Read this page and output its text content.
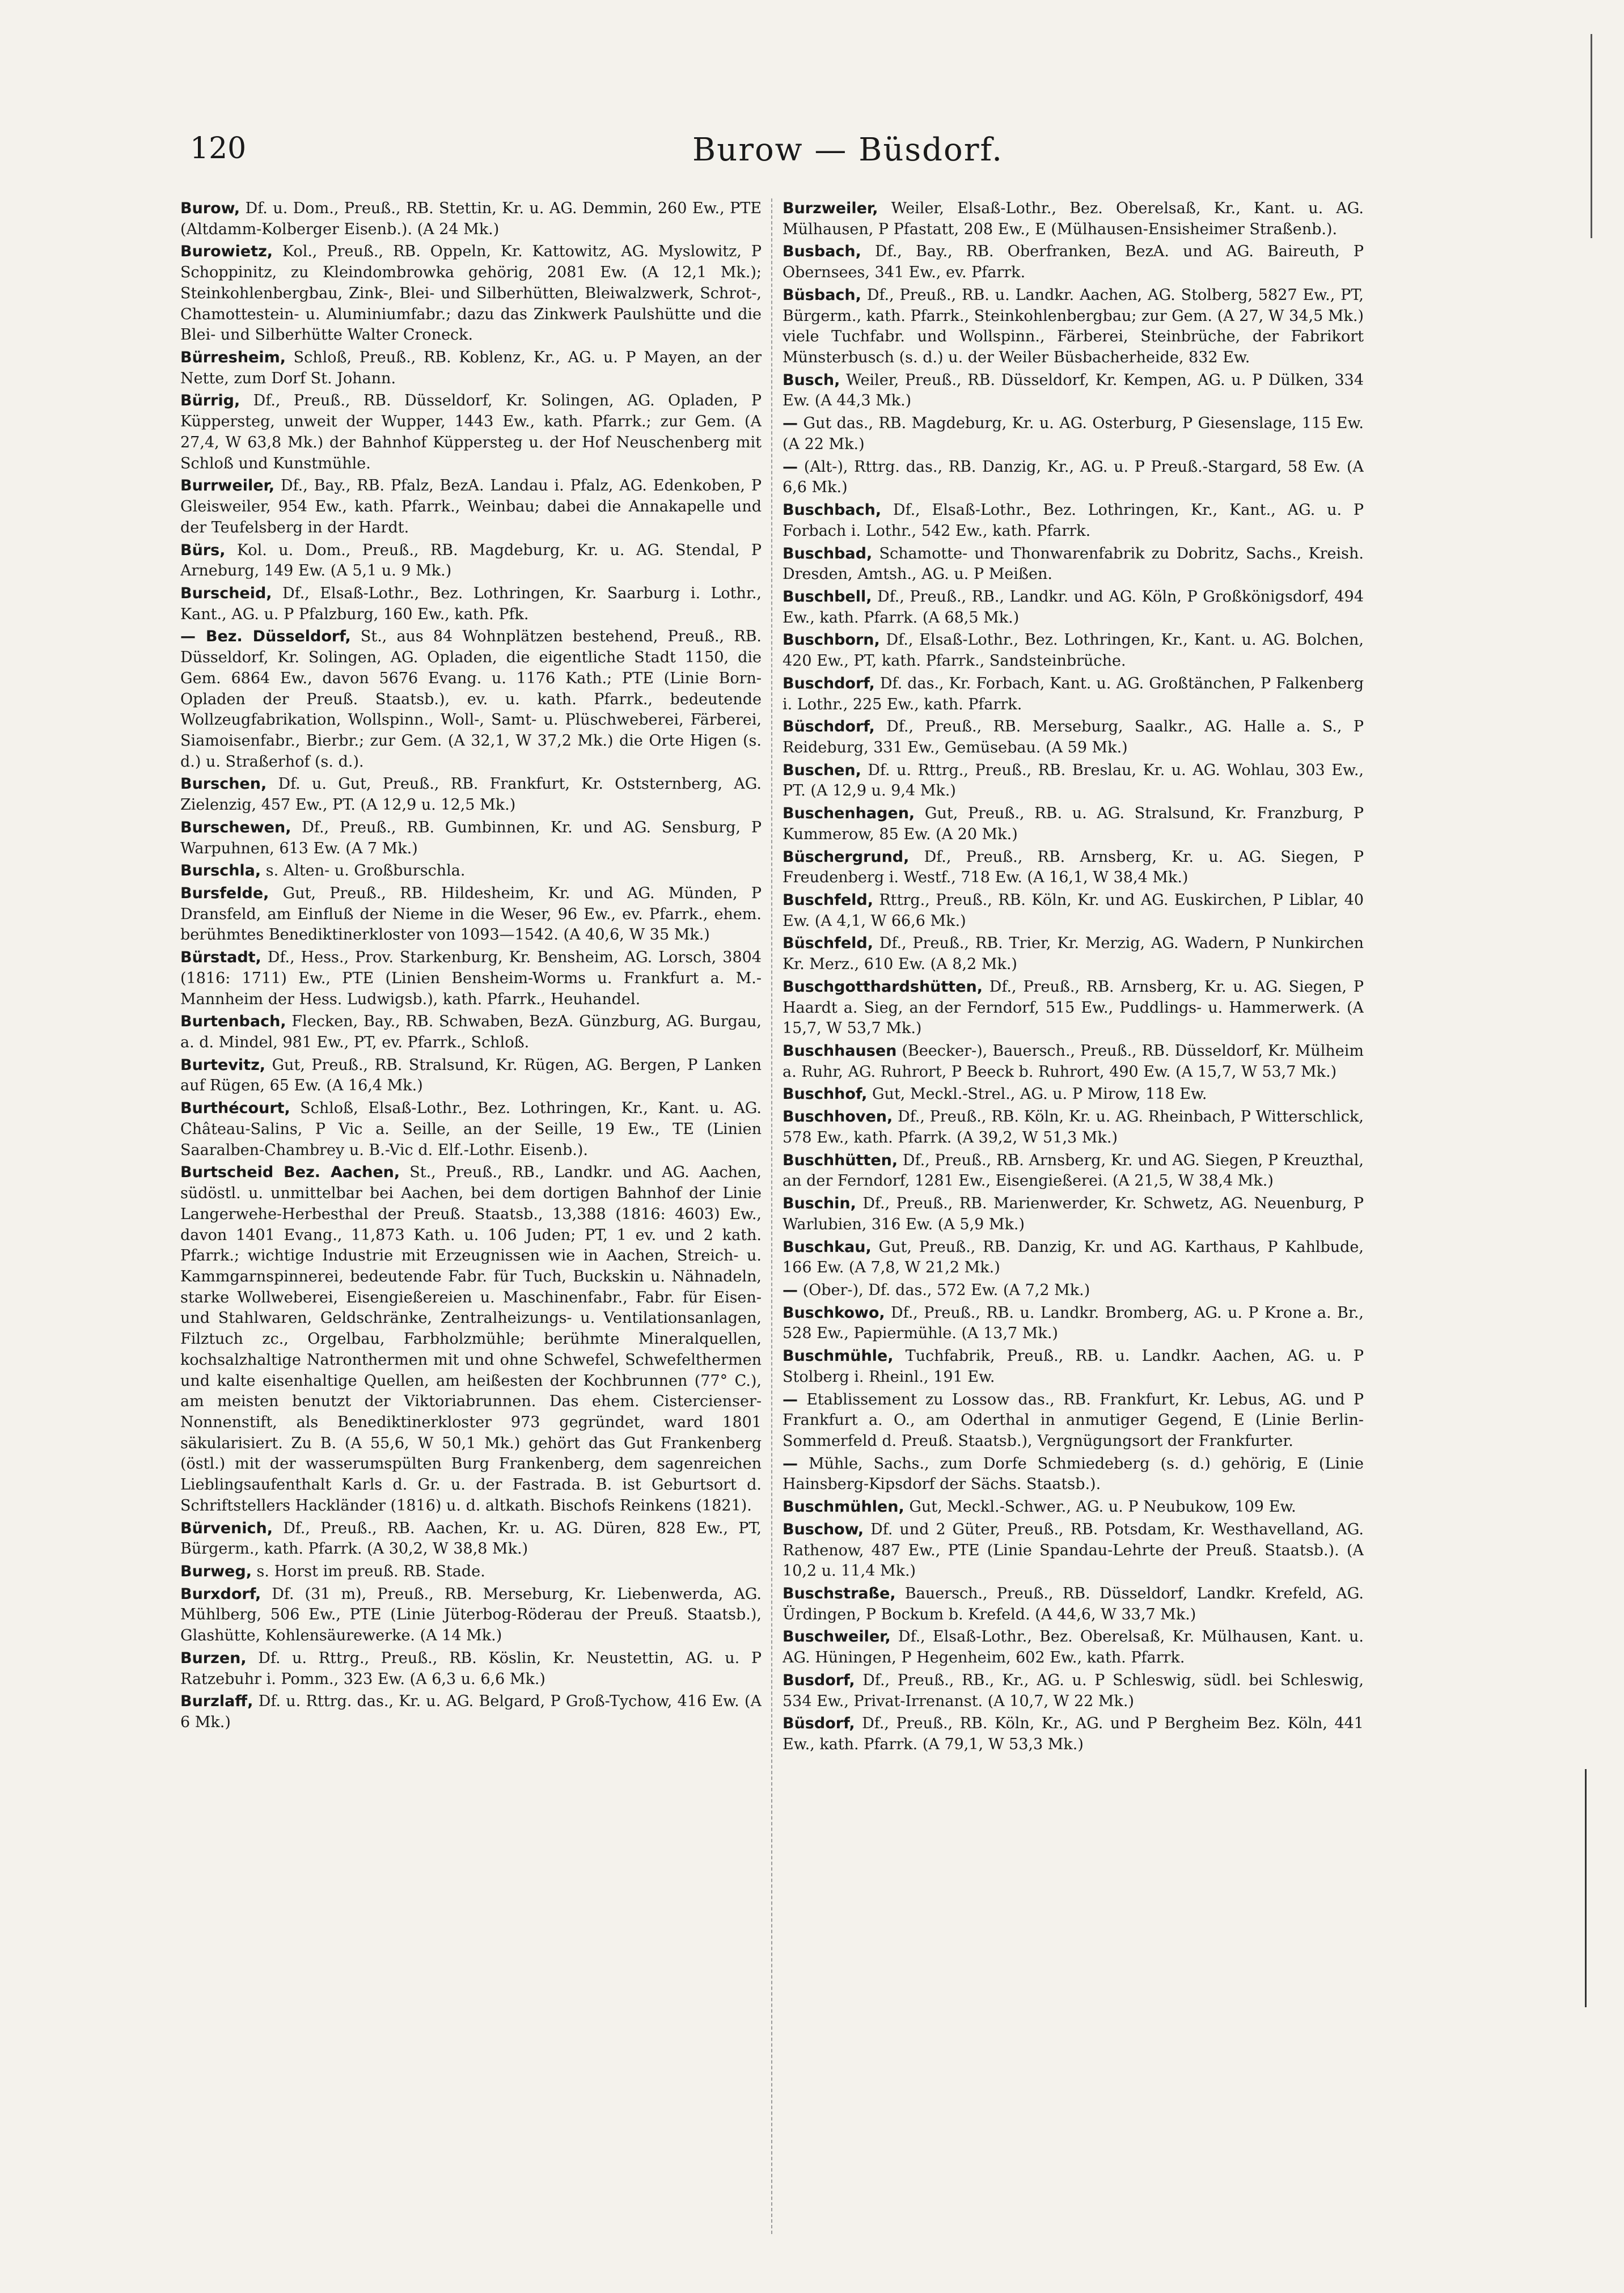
120	Burow — Büsdorf.

Burow, Df. u. Dom., Preuß., RB. Stettin, Kr. u. AG. Demmin, 260 Ew., PTE (Altdamm-Kolberger Eisenb.). (A 24 Mk.)

Burowietz, Kol., Preuß., RB. Oppeln, Kr. Kattowitz, AG. Myslowitz, P Schoppinitz, zu Kleindombrowka gehörig, 2081 Ew. (A 12,1 Mk.); Steinkohlenbergbau, Zink-, Blei- und Silberhütten, Bleiwalzwerk, Schrot-, Chamottestein- u. Aluminiumfabr.; dazu das Zinkwerk Paulshütte und die Blei- und Silberhütte Walter Croneck.

Bürresheim, Schloß, Preuß., RB. Koblenz, Kr., AG. u. P Mayen, an der Nette, zum Dorf St. Johann.

Bürrig, Df., Preuß., RB. Düsseldorf, Kr. Solingen, AG. Opladen, P Küppersteg, unweit der Wupper, 1443 Ew., kath. Pfarrk.; zur Gem. (A 27,4, W 63,8 Mk.) der Bahnhof Küppersteg u. der Hof Neuschenberg mit Schloß und Kunstmühle.

Burrweiler, Df., Bay., RB. Pfalz, BezA. Landau i. Pfalz, AG. Edenkoben, P Gleisweiler, 954 Ew., kath. Pfarrk., Weinbau; dabei die Annakapelle und der Teufelsberg in der Hardt.

Bürs, Kol. u. Dom., Preuß., RB. Magdeburg, Kr. u. AG. Stendal, P Arneburg, 149 Ew. (A 5,1 u. 9 Mk.)

Burscheid, Df., Elsaß-Lothr., Bez. Lothringen, Kr. Saarburg i. Lothr., Kant., AG. u. P Pfalzburg, 160 Ew., kath. Pfk.

— Bez. Düsseldorf, St., aus 84 Wohnplätzen bestehend, Preuß., RB. Düsseldorf, Kr. Solingen, AG. Opladen, die eigentliche Stadt 1150, die Gem. 6864 Ew., davon 5676 Evang. u. 1176 Kath.; PTE (Linie Born-Opladen der Preuß. Staatsb.), ev. u. kath. Pfarrk., bedeutende Wollzeugfabrikation, Wollspinn., Woll-, Samt- u. Plüschweberei, Färberei, Siamoisenfabr., Bierbr.; zur Gem. (A 32,1, W 37,2 Mk.) die Orte Higen (s. d.) u. Straßerhof (s. d.).

Burschen, Df. u. Gut, Preuß., RB. Frankfurt, Kr. Oststernberg, AG. Zielenzig, 457 Ew., PT. (A 12,9 u. 12,5 Mk.)

Burschewen, Df., Preuß., RB. Gumbinnen, Kr. und AG. Sensburg, P Warpuhnen, 613 Ew. (A 7 Mk.)

Burschla, s. Alten- u. Großburschla.

Bursfelde, Gut, Preuß., RB. Hildesheim, Kr. und AG. Münden, P Dransfeld, am Einfluß der Nieme in die Weser, 96 Ew., ev. Pfarrk., ehem. berühmtes Benediktinerkloster von 1093—1542. (A 40,6, W 35 Mk.)

Bürstadt, Df., Hess., Prov. Starkenburg, Kr. Bensheim, AG. Lorsch, 3804 (1816: 1711) Ew., PTE (Linien Bensheim-Worms u. Frankfurt a. M.-Mannheim der Hess. Ludwigsb.), kath. Pfarrk., Heuhandel.

Burtenbach, Flecken, Bay., RB. Schwaben, BezA. Günzburg, AG. Burgau, a. d. Mindel, 981 Ew., PT, ev. Pfarrk., Schloß.

Burtevitz, Gut, Preuß., RB. Stralsund, Kr. Rügen, AG. Bergen, P Lanken auf Rügen, 65 Ew. (A 16,4 Mk.)

Burthécourt, Schloß, Elsaß-Lothr., Bez. Lothringen, Kr., Kant. u. AG. Château-Salins, P Vic a. Seille, an der Seille, 19 Ew., TE (Linien Saaralben-Chambrey u. B.-Vic d. Elf.-Lothr. Eisenb.).

Burtscheid Bez. Aachen, St., Preuß., RB., Landkr. und AG. Aachen, südöstl. u. unmittelbar bei Aachen, bei dem dortigen Bahnhof der Linie Langerwehe-Herbesthal der Preuß. Staatsb., 13,388 (1816: 4603) Ew., davon 1401 Evang., 11,873 Kath. u. 106 Juden; PT, 1 ev. und 2 kath. Pfarrk.; wichtige Industrie mit Erzeugnissen wie in Aachen, Streich- u. Kammgarnspinnerei, bedeutende Fabr. für Tuch, Buckskin u. Nähnadeln, starke Wollweberei, Eisengießereien u. Maschinenfabr., Fabr. für Eisen- und Stahlwaren, Geldschränke, Zentralheizungs- u. Ventilationsanlagen, Filztuch zc., Orgelbau, Farbholzmühle; berühmte Mineralquellen, kochsalzhaltige Natronthermen mit und ohne Schwefel, Schwefelthermen und kalte eisenhaltige Quellen, am heißesten der Kochbrunnen (77° C.), am meisten benutzt der Viktoriabrunnen. Das ehem. Cistercienser-Nonnenstift, als Benediktinerkloster 973 gegründet, ward 1801 säkularisiert. Zu B. (A 55,6, W 50,1 Mk.) gehört das Gut Frankenberg (östl.) mit der wasserumspülten Burg Frankenberg, dem sagenreichen Lieblingsaufenthalt Karls d. Gr. u. der Fastrada. B. ist Geburtsort d. Schriftstellers Hackländer (1816) u. d. altkath. Bischofs Reinkens (1821).

Bürvenich, Df., Preuß., RB. Aachen, Kr. u. AG. Düren, 828 Ew., PT, Bürgerm., kath. Pfarrk. (A 30,2, W 38,8 Mk.)

Burweg, s. Horst im preuß. RB. Stade.

Burxdorf, Df. (31 m), Preuß., RB. Merseburg, Kr. Liebenwerda, AG. Mühlberg, 506 Ew., PTE (Linie Jüterbog-Röderau der Preuß. Staatsb.), Glashütte, Kohlensäurewerke. (A 14 Mk.)

Burzen, Df. u. Rttrg., Preuß., RB. Köslin, Kr. Neustettin, AG. u. P Ratzebuhr i. Pomm., 323 Ew. (A 6,3 u. 6,6 Mk.)

Burzlaff, Df. u. Rttrg. das., Kr. u. AG. Belgard, P Groß-Tychow, 416 Ew. (A 6 Mk.)

Burzweiler, Weiler, Elsaß-Lothr., Bez. Oberelsaß, Kr., Kant. u. AG. Mülhausen, P Pfastatt, 208 Ew., E (Mülhausen-Ensisheimer Straßenb.).

Busbach, Df., Bay., RB. Oberfranken, BezA. und AG. Baireuth, P Obernsees, 341 Ew., ev. Pfarrk.

Büsbach, Df., Preuß., RB. u. Landkr. Aachen, AG. Stolberg, 5827 Ew., PT, Bürgerm., kath. Pfarrk., Steinkohlenbergbau; zur Gem. (A 27, W 34,5 Mk.) viele Tuchfabr. und Wollspinn., Färberei, Steinbrüche, der Fabrikort Münsterbusch (s. d.) u. der Weiler Büsbacherheide, 832 Ew.

Busch, Weiler, Preuß., RB. Düsseldorf, Kr. Kempen, AG. u. P Dülken, 334 Ew. (A 44,3 Mk.)

— Gut das., RB. Magdeburg, Kr. u. AG. Osterburg, P Giesenslage, 115 Ew. (A 22 Mk.)

— (Alt-), Rttrg. das., RB. Danzig, Kr., AG. u. P Preuß.-Stargard, 58 Ew. (A 6,6 Mk.)

Buschbach, Df., Elsaß-Lothr., Bez. Lothringen, Kr., Kant., AG. u. P Forbach i. Lothr., 542 Ew., kath. Pfarrk.

Buschbad, Schamotte- und Thonwarenfabrik zu Dobritz, Sachs., Kreish. Dresden, Amtsh., AG. u. P Meißen.

Buschbell, Df., Preuß., RB., Landkr. und AG. Köln, P Großkönigsdorf, 494 Ew., kath. Pfarrk. (A 68,5 Mk.)

Buschborn, Df., Elsaß-Lothr., Bez. Lothringen, Kr., Kant. u. AG. Bolchen, 420 Ew., PT, kath. Pfarrk., Sandsteinbrüche.

Buschdorf, Df. das., Kr. Forbach, Kant. u. AG. Großtänchen, P Falkenberg i. Lothr., 225 Ew., kath. Pfarrk.

Büschdorf, Df., Preuß., RB. Merseburg, Saalkr., AG. Halle a. S., P Reideburg, 331 Ew., Gemüsebau. (A 59 Mk.)

Buschen, Df. u. Rttrg., Preuß., RB. Breslau, Kr. u. AG. Wohlau, 303 Ew., PT. (A 12,9 u. 9,4 Mk.)

Buschenhagen, Gut, Preuß., RB. u. AG. Stralsund, Kr. Franzburg, P Kummerow, 85 Ew. (A 20 Mk.)

Büschergrund, Df., Preuß., RB. Arnsberg, Kr. u. AG. Siegen, P Freudenberg i. Westf., 718 Ew. (A 16,1, W 38,4 Mk.)

Buschfeld, Rttrg., Preuß., RB. Köln, Kr. und AG. Euskirchen, P Liblar, 40 Ew. (A 4,1, W 66,6 Mk.)

Büschfeld, Df., Preuß., RB. Trier, Kr. Merzig, AG. Wadern, P Nunkirchen Kr. Merz., 610 Ew. (A 8,2 Mk.)

Buschgotthardshütten, Df., Preuß., RB. Arnsberg, Kr. u. AG. Siegen, P Haardt a. Sieg, an der Ferndorf, 515 Ew., Puddlings- u. Hammerwerk. (A 15,7, W 53,7 Mk.)

Buschhausen (Beecker-), Bauersch., Preuß., RB. Düsseldorf, Kr. Mülheim a. Ruhr, AG. Ruhrort, P Beeck b. Ruhrort, 490 Ew. (A 15,7, W 53,7 Mk.)

Buschhof, Gut, Meckl.-Strel., AG. u. P Mirow, 118 Ew.

Buschhoven, Df., Preuß., RB. Köln, Kr. u. AG. Rheinbach, P Witterschlick, 578 Ew., kath. Pfarrk. (A 39,2, W 51,3 Mk.)

Buschhütten, Df., Preuß., RB. Arnsberg, Kr. und AG. Siegen, P Kreuzthal, an der Ferndorf, 1281 Ew., Eisengießerei. (A 21,5, W 38,4 Mk.)

Buschin, Df., Preuß., RB. Marienwerder, Kr. Schwetz, AG. Neuenburg, P Warlubien, 316 Ew. (A 5,9 Mk.)

Buschkau, Gut, Preuß., RB. Danzig, Kr. und AG. Karthaus, P Kahlbude, 166 Ew. (A 7,8, W 21,2 Mk.)

— (Ober-), Df. das., 572 Ew. (A 7,2 Mk.)

Buschkowo, Df., Preuß., RB. u. Landkr. Bromberg, AG. u. P Krone a. Br., 528 Ew., Papiermühle. (A 13,7 Mk.)

Buschmühle, Tuchfabrik, Preuß., RB. u. Landkr. Aachen, AG. u. P Stolberg i. Rheinl., 191 Ew.

— Etablissement zu Lossow das., RB. Frankfurt, Kr. Lebus, AG. und P Frankfurt a. O., am Oderthal in anmutiger Gegend, E (Linie Berlin-Sommerfeld d. Preuß. Staatsb.), Vergnügungsort der Frankfurter.

— Mühle, Sachs., zum Dorfe Schmiedeberg (s. d.) gehörig, E (Linie Hainsberg-Kipsdorf der Sächs. Staatsb.).

Buschmühlen, Gut, Meckl.-Schwer., AG. u. P Neubukow, 109 Ew.

Buschow, Df. und 2 Güter, Preuß., RB. Potsdam, Kr. Westhavelland, AG. Rathenow, 487 Ew., PTE (Linie Spandau-Lehrte der Preuß. Staatsb.). (A 10,2 u. 11,4 Mk.)

Buschstraße, Bauersch., Preuß., RB. Düsseldorf, Landkr. Krefeld, AG. Ürdingen, P Bockum b. Krefeld. (A 44,6, W 33,7 Mk.)

Buschweiler, Df., Elsaß-Lothr., Bez. Oberelsaß, Kr. Mülhausen, Kant. u. AG. Hüningen, P Hegenheim, 602 Ew., kath. Pfarrk.

Busdorf, Df., Preuß., RB., Kr., AG. u. P Schleswig, südl. bei Schleswig, 534 Ew., Privat-Irrenanst. (A 10,7, W 22 Mk.)

Büsdorf, Df., Preuß., RB. Köln, Kr., AG. und P Bergheim Bez. Köln, 441 Ew., kath. Pfarrk. (A 79,1, W 53,3 Mk.)
